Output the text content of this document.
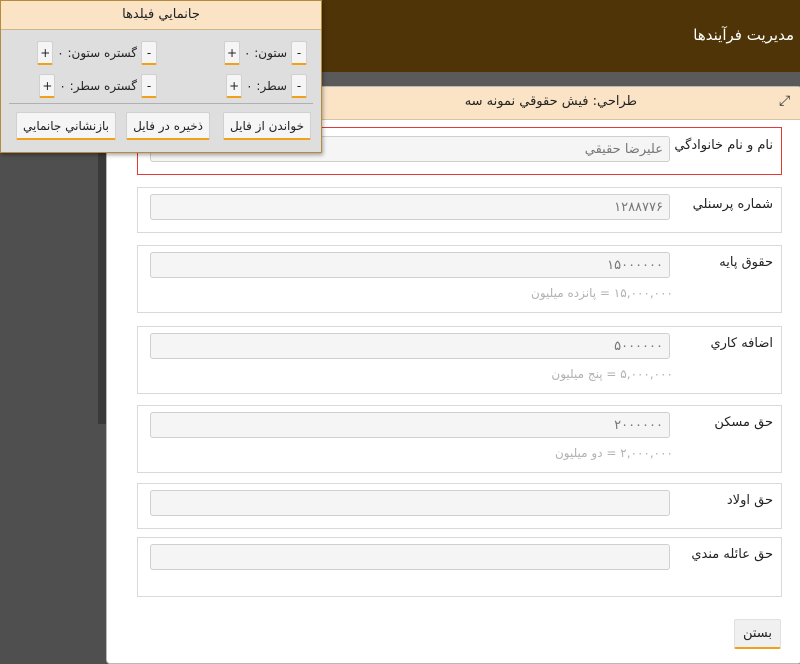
مديريت فرآيندها
طراحي: فيش حقوقي نمونه سه	⤢
نام و نام خانوادگي
عليرضا حقيقي
شماره پرسنلي
۱۲۸۸۷۷۶
حقوق پايه
۱۵۰۰۰۰۰۰
۱۵,۰۰۰,۰۰۰ = پانزده ميليون
اضافه کاري
۵۰۰۰۰۰۰
۵,۰۰۰,۰۰۰ = پنج ميليون
حق مسکن
۲۰۰۰۰۰۰
۲,۰۰۰,۰۰۰ = دو ميليون
حق اولاد
حق عائله مندي
بستن
جانمايي فيلدها
-
ستون: ۰
+
-
گستره ستون: ۰
+
-
سطر: ۰
+
-
گستره سطر: ۰
+
خواندن از فايل
ذخيره در فايل
بازنشاني جانمايي
